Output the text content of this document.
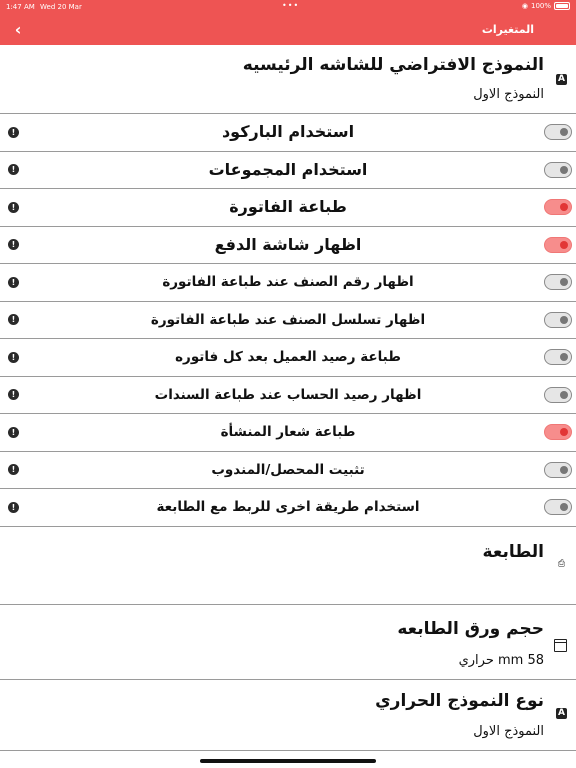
1:47 AM Wed 20 Mar	•••	◉ 100%
‹	المتغيرات
النموذج الافتراضي للشاشه الرئيسيه
A
النموذج الاول
!	استخدام الباركود
!	استخدام المجموعات
!	طباعة الفاتورة
!	اظهار شاشة الدفع
!	اظهار رقم الصنف عند طباعة الفاتورة
!	اظهار تسلسل الصنف عند طباعة الفاتورة
!	طباعة رصيد العميل بعد كل فاتوره
!	اظهار رصيد الحساب عند طباعة السندات
!	طباعة شعار المنشأة
!	تثبيت المحصل/المندوب
!	استخدام طريقة اخرى للربط مع الطابعة
الطابعة
⎙
حجم ورق الطابعه
58 mm حراري
نوع النموذج الحراري
A
النموذج الاول
